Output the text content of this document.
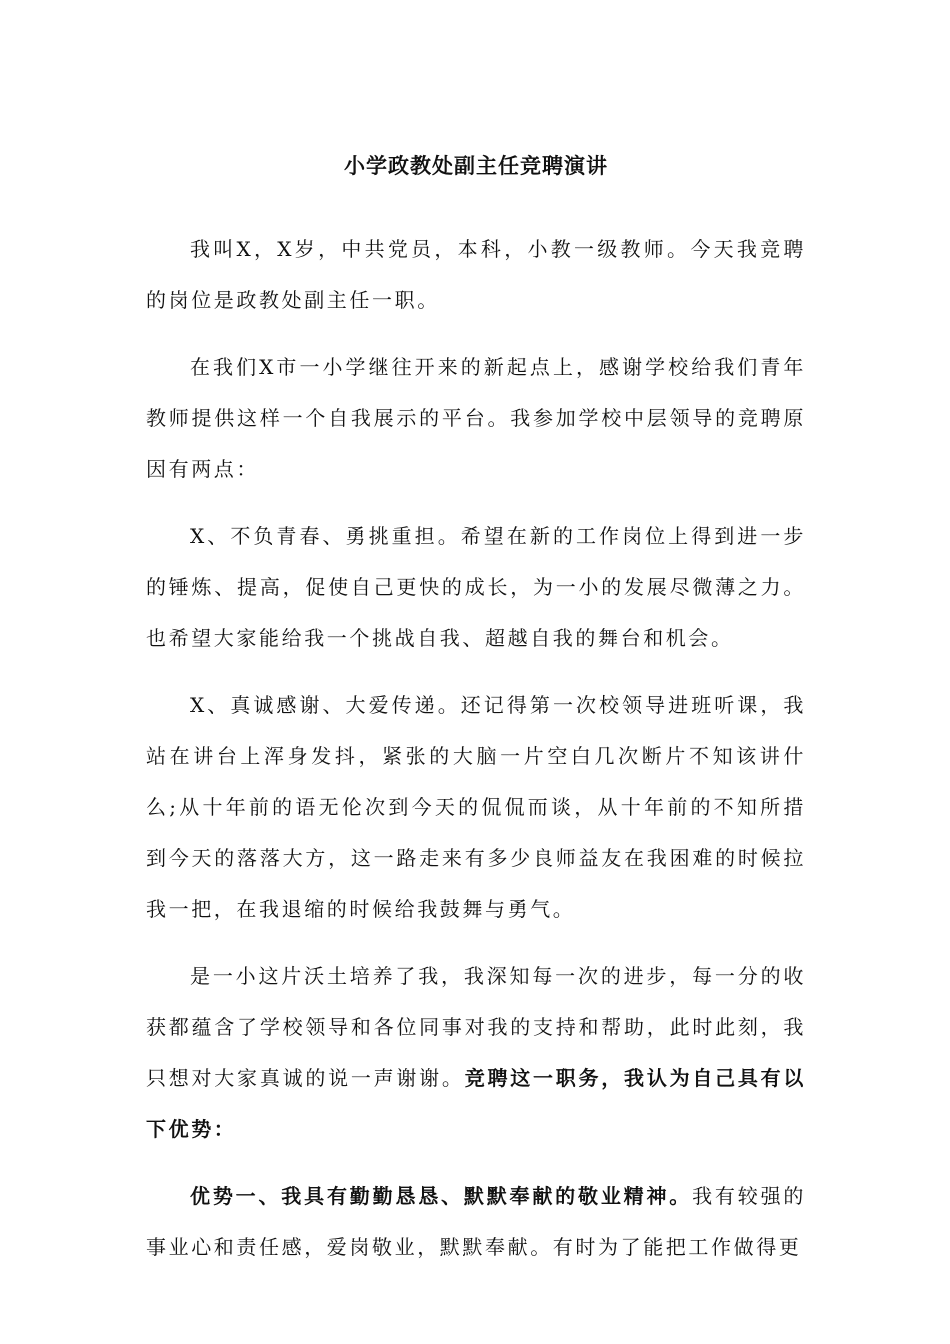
小学政教处副主任竞聘演讲

我叫X，X岁，中共党员，本科，小教一级教师。今天我竞聘的岗位是政教处副主任一职。

在我们X市一小学继往开来的新起点上，感谢学校给我们青年教师提供这样一个自我展示的平台。我参加学校中层领导的竞聘原因有两点：

X、不负青春、勇挑重担。希望在新的工作岗位上得到进一步的锤炼、提高，促使自己更快的成长，为一小的发展尽微薄之力。也希望大家能给我一个挑战自我、超越自我的舞台和机会。

X、真诚感谢、大爱传递。还记得第一次校领导进班听课，我站在讲台上浑身发抖，紧张的大脑一片空白几次断片不知该讲什么;从十年前的语无伦次到今天的侃侃而谈，从十年前的不知所措到今天的落落大方，这一路走来有多少良师益友在我困难的时候拉我一把，在我退缩的时候给我鼓舞与勇气。

是一小这片沃土培养了我，我深知每一次的进步，每一分的收获都蕴含了学校领导和各位同事对我的支持和帮助，此时此刻，我只想对大家真诚的说一声谢谢。竞聘这一职务，我认为自己具有以下优势：

优势一、我具有勤勤恳恳、默默奉献的敬业精神。我有较强的事业心和责任感，爱岗敬业，默默奉献。有时为了能把工作做得更
